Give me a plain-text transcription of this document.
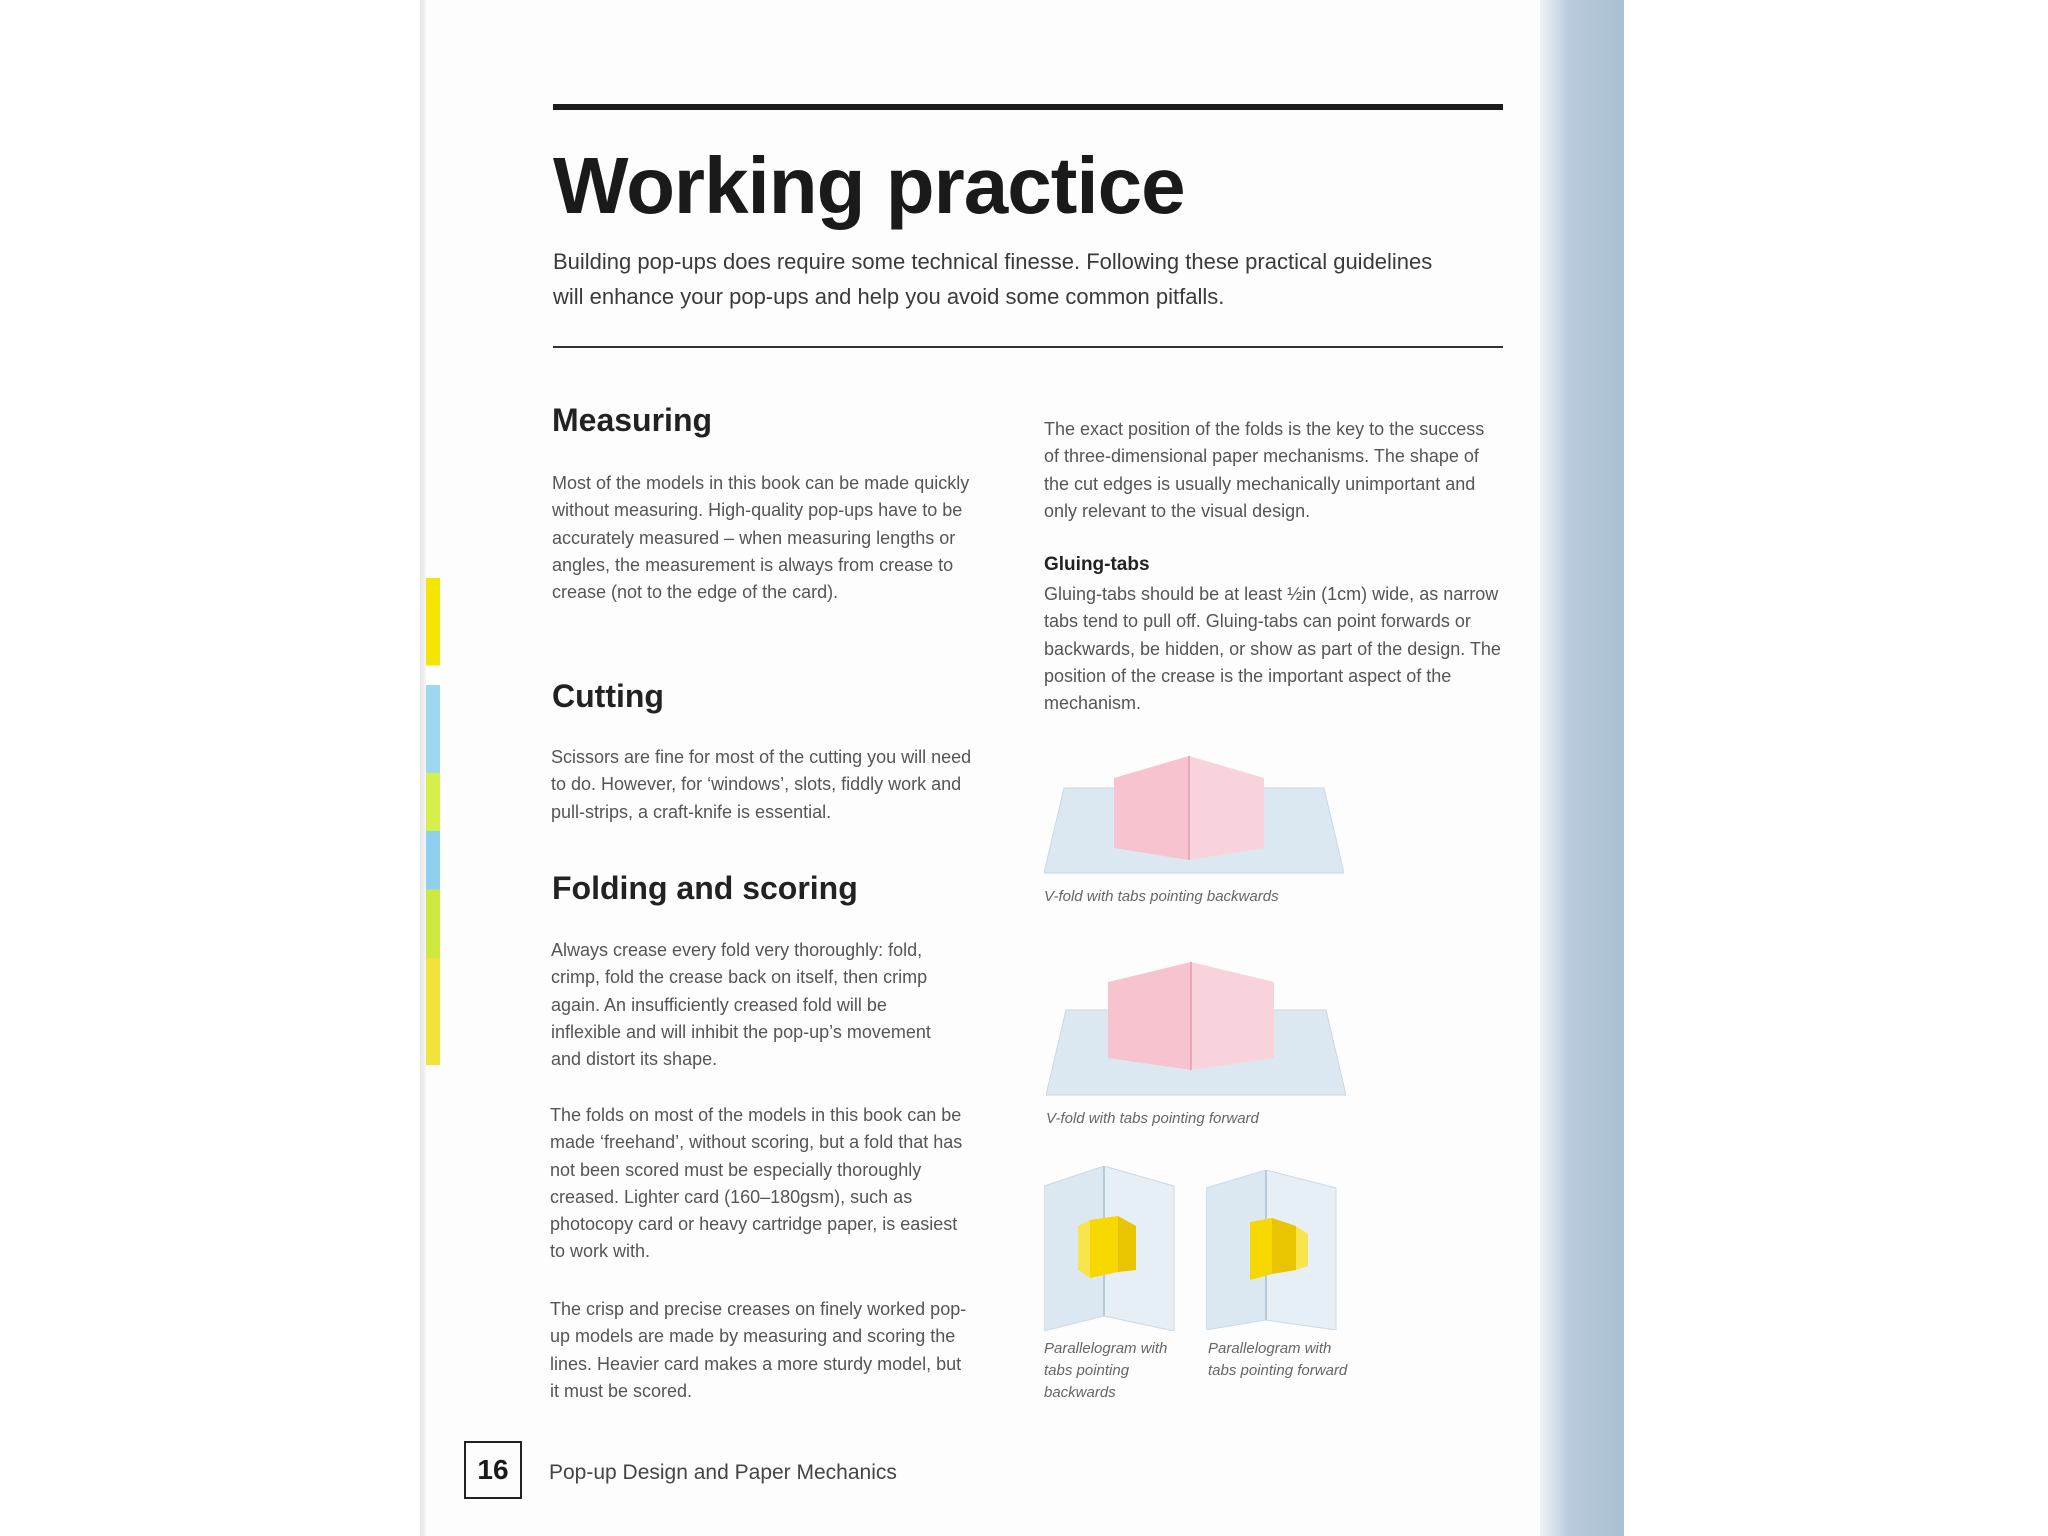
Working practice

Building pop-ups does require some technical finesse. Following these practical guidelines will enhance your pop-ups and help you avoid some common pitfalls.

Measuring

Most of the models in this book can be made quickly without measuring. High-quality pop-ups have to be accurately measured – when measuring lengths or angles, the measurement is always from crease to crease (not to the edge of the card).

Cutting

Scissors are fine for most of the cutting you will need to do. However, for ‘windows’, slots, fiddly work and pull-strips, a craft-knife is essential.

Folding and scoring

Always crease every fold very thoroughly: fold, crimp, fold the crease back on itself, then crimp again. An insufficiently creased fold will be inflexible and will inhibit the pop-up’s movement and distort its shape.

The folds on most of the models in this book can be made ‘freehand’, without scoring, but a fold that has not been scored must be especially thoroughly creased. Lighter card (160–180gsm), such as photocopy card or heavy cartridge paper, is easiest to work with.

The crisp and precise creases on finely worked pop-up models are made by measuring and scoring the lines. Heavier card makes a more sturdy model, but it must be scored.

The exact position of the folds is the key to the success of three-dimensional paper mechanisms. The shape of the cut edges is usually mechanically unimportant and only relevant to the visual design.

Gluing-tabs

Gluing-tabs should be at least ½in (1cm) wide, as narrow tabs tend to pull off. Gluing-tabs can point forwards or backwards, be hidden, or show as part of the design. The position of the crease is the important aspect of the mechanism.

V-fold with tabs pointing backwards

V-fold with tabs pointing forward

Parallelogram with tabs pointing backwards

Parallelogram with tabs pointing forward

16	Pop-up Design and Paper Mechanics
